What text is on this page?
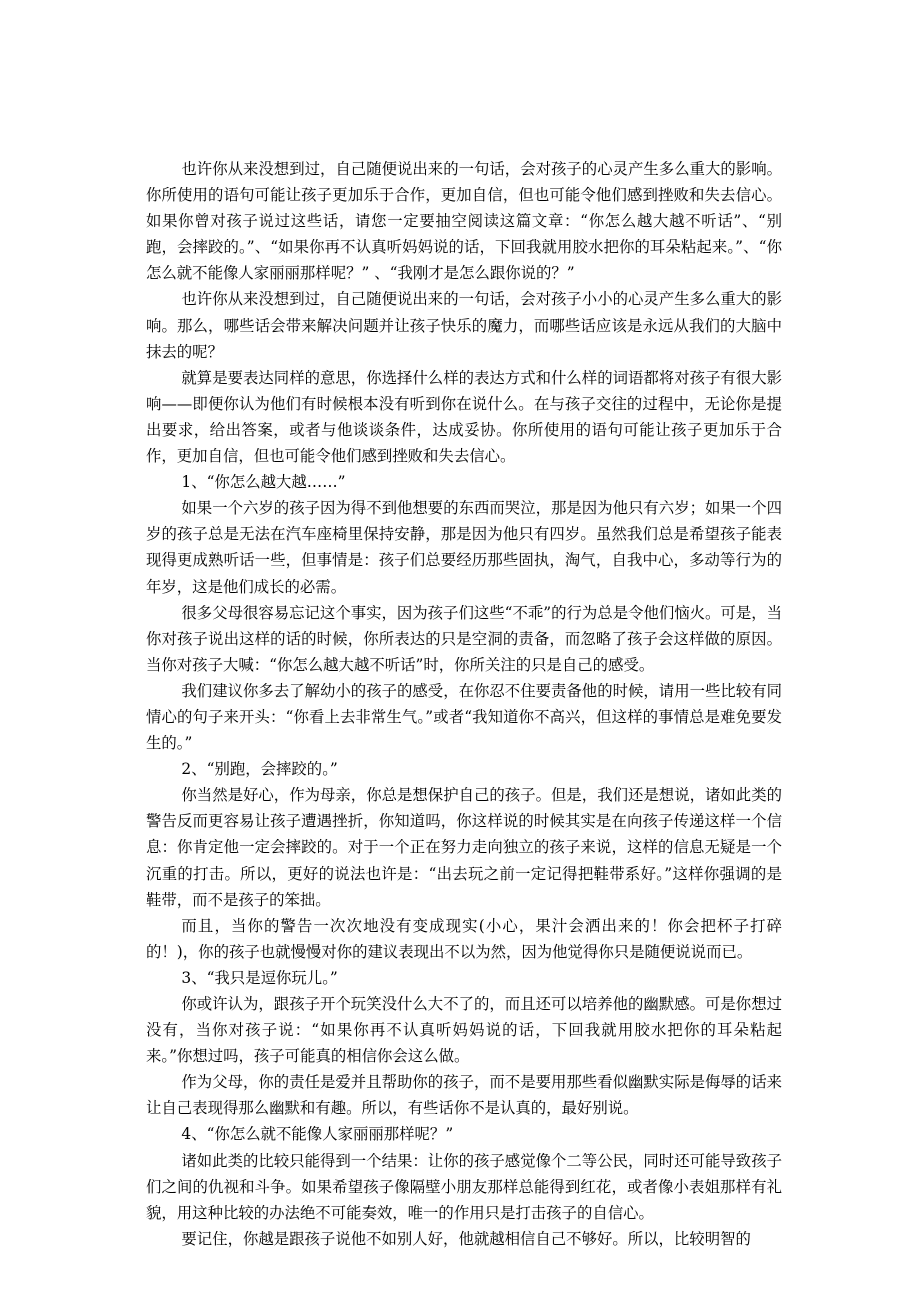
也许你从来没想到过，自己随便说出来的一句话，会对孩子的心灵产生多么重大的影响。你所使用的语句可能让孩子更加乐于合作，更加自信，但也可能令他们感到挫败和失去信心。 如果你曾对孩子说过这些话，请您一定要抽空阅读这篇文章：“你怎么越大越不听话”、“别跑，会摔跤的。”、“如果你再不认真听妈妈说的话，下回我就用胶水把你的耳朵粘起来。”、“你怎么就不能像人家丽丽那样呢？” 、“我刚才是怎么跟你说的？”

也许你从来没想到过，自己随便说出来的一句话，会对孩子小小的心灵产生多么重大的影响。那么，哪些话会带来解决问题并让孩子快乐的魔力，而哪些话应该是永远从我们的大脑中抹去的呢？

就算是要表达同样的意思，你选择什么样的表达方式和什么样的词语都将对孩子有很大影响——即便你认为他们有时候根本没有听到你在说什么。在与孩子交往的过程中，无论你是提出要求，给出答案，或者与他谈谈条件，达成妥协。你所使用的语句可能让孩子更加乐于合作，更加自信，但也可能令他们感到挫败和失去信心。

1、“你怎么越大越……”

如果一个六岁的孩子因为得不到他想要的东西而哭泣，那是因为他只有六岁；如果一个四岁的孩子总是无法在汽车座椅里保持安静，那是因为他只有四岁。虽然我们总是希望孩子能表现得更成熟听话一些，但事情是：孩子们总要经历那些固执，淘气，自我中心，多动等行为的年岁，这是他们成长的必需。

很多父母很容易忘记这个事实，因为孩子们这些“不乖”的行为总是令他们恼火。可是，当你对孩子说出这样的话的时候，你所表达的只是空洞的责备，而忽略了孩子会这样做的原因。当你对孩子大喊：“你怎么越大越不听话”时，你所关注的只是自己的感受。

我们建议你多去了解幼小的孩子的感受，在你忍不住要责备他的时候，请用一些比较有同情心的句子来开头：“你看上去非常生气。”或者“我知道你不高兴，但这样的事情总是难免要发生的。”

2、“别跑，会摔跤的。”

你当然是好心，作为母亲，你总是想保护自己的孩子。但是，我们还是想说，诸如此类的警告反而更容易让孩子遭遇挫折，你知道吗，你这样说的时候其实是在向孩子传递这样一个信息：你肯定他一定会摔跤的。对于一个正在努力走向独立的孩子来说，这样的信息无疑是一个沉重的打击。所以，更好的说法也许是：“出去玩之前一定记得把鞋带系好。”这样你强调的是鞋带，而不是孩子的笨拙。

而且，当你的警告一次次地没有变成现实(小心，果汁会洒出来的！你会把杯子打碎的！)，你的孩子也就慢慢对你的建议表现出不以为然，因为他觉得你只是随便说说而已。

3、“我只是逗你玩儿。”

你或许认为，跟孩子开个玩笑没什么大不了的，而且还可以培养他的幽默感。可是你想过没有，当你对孩子说：“如果你再不认真听妈妈说的话，下回我就用胶水把你的耳朵粘起来。”你想过吗，孩子可能真的相信你会这么做。

作为父母，你的责任是爱并且帮助你的孩子，而不是要用那些看似幽默实际是侮辱的话来让自己表现得那么幽默和有趣。所以，有些话你不是认真的，最好别说。

4、“你怎么就不能像人家丽丽那样呢？”

诸如此类的比较只能得到一个结果：让你的孩子感觉像个二等公民，同时还可能导致孩子们之间的仇视和斗争。如果希望孩子像隔壁小朋友那样总能得到红花，或者像小表姐那样有礼貌，用这种比较的办法绝不可能奏效，唯一的作用只是打击孩子的自信心。

要记住，你越是跟孩子说他不如别人好，他就越相信自己不够好。所以，比较明智的
